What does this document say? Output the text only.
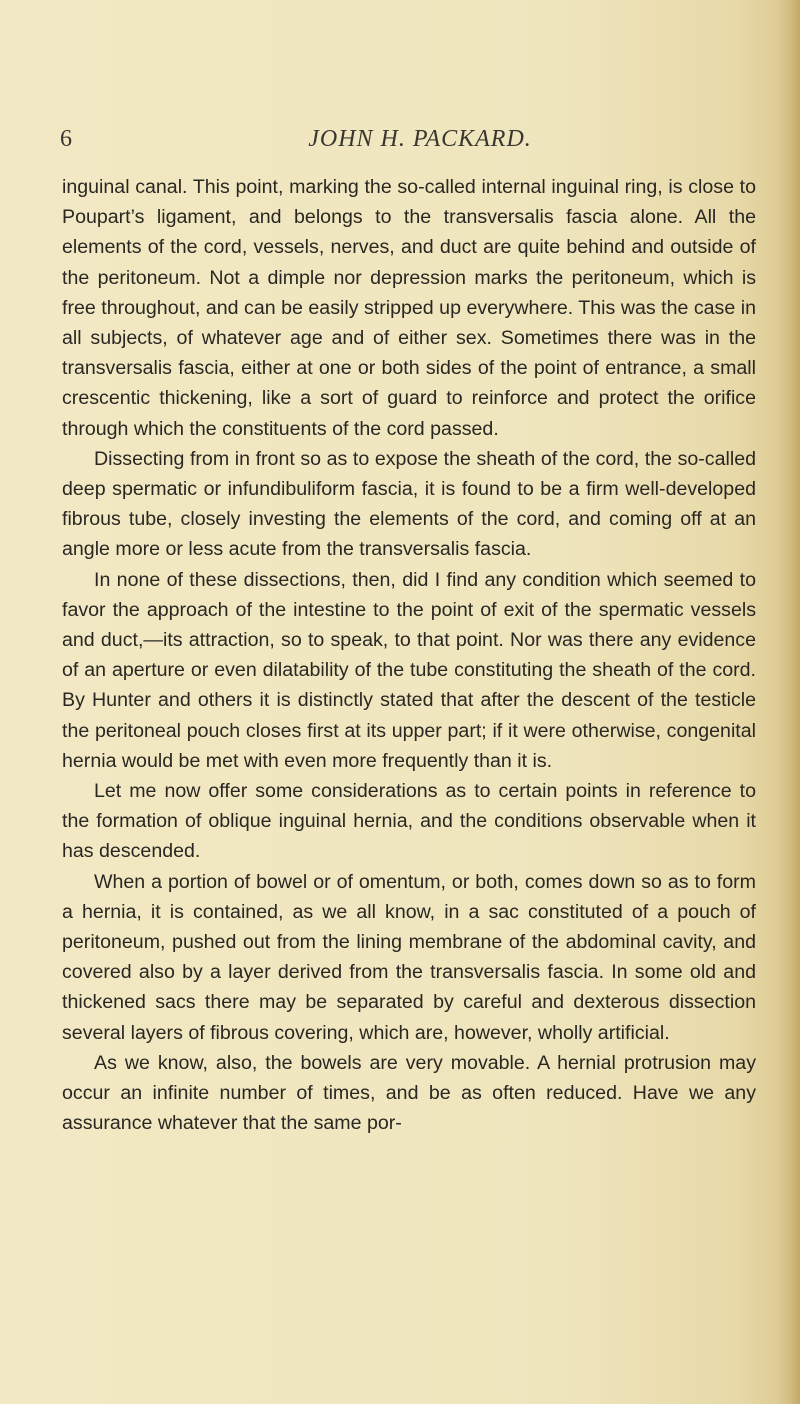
6	JOHN H. PACKARD.

inguinal canal. This point, marking the so-called internal inguinal ring, is close to Poupart’s ligament, and belongs to the transversalis fascia alone. All the elements of the cord, vessels, nerves, and duct are quite behind and outside of the peritoneum. Not a dimple nor depression marks the peritoneum, which is free throughout, and can be easily stripped up everywhere. This was the case in all subjects, of whatever age and of either sex. Sometimes there was in the transversalis fascia, either at one or both sides of the point of entrance, a small crescentic thickening, like a sort of guard to reinforce and protect the orifice through which the constituents of the cord passed.

Dissecting from in front so as to expose the sheath of the cord, the so-called deep spermatic or infundibuliform fascia, it is found to be a firm well-developed fibrous tube, closely investing the elements of the cord, and coming off at an angle more or less acute from the transversalis fascia.

In none of these dissections, then, did I find any condition which seemed to favor the approach of the intestine to the point of exit of the spermatic vessels and duct,—its attraction, so to speak, to that point. Nor was there any evidence of an aperture or even dilatability of the tube constituting the sheath of the cord. By Hunter and others it is distinctly stated that after the descent of the testicle the peritoneal pouch closes first at its upper part; if it were otherwise, congenital hernia would be met with even more frequently than it is.

Let me now offer some considerations as to certain points in reference to the formation of oblique inguinal hernia, and the conditions observable when it has descended.

When a portion of bowel or of omentum, or both, comes down so as to form a hernia, it is contained, as we all know, in a sac constituted of a pouch of peritoneum, pushed out from the lining membrane of the abdominal cavity, and covered also by a layer derived from the transversalis fascia. In some old and thickened sacs there may be separated by careful and dexterous dissection several layers of fibrous covering, which are, however, wholly artificial.

As we know, also, the bowels are very movable. A hernial protrusion may occur an infinite number of times, and be as often reduced. Have we any assurance whatever that the same por-
